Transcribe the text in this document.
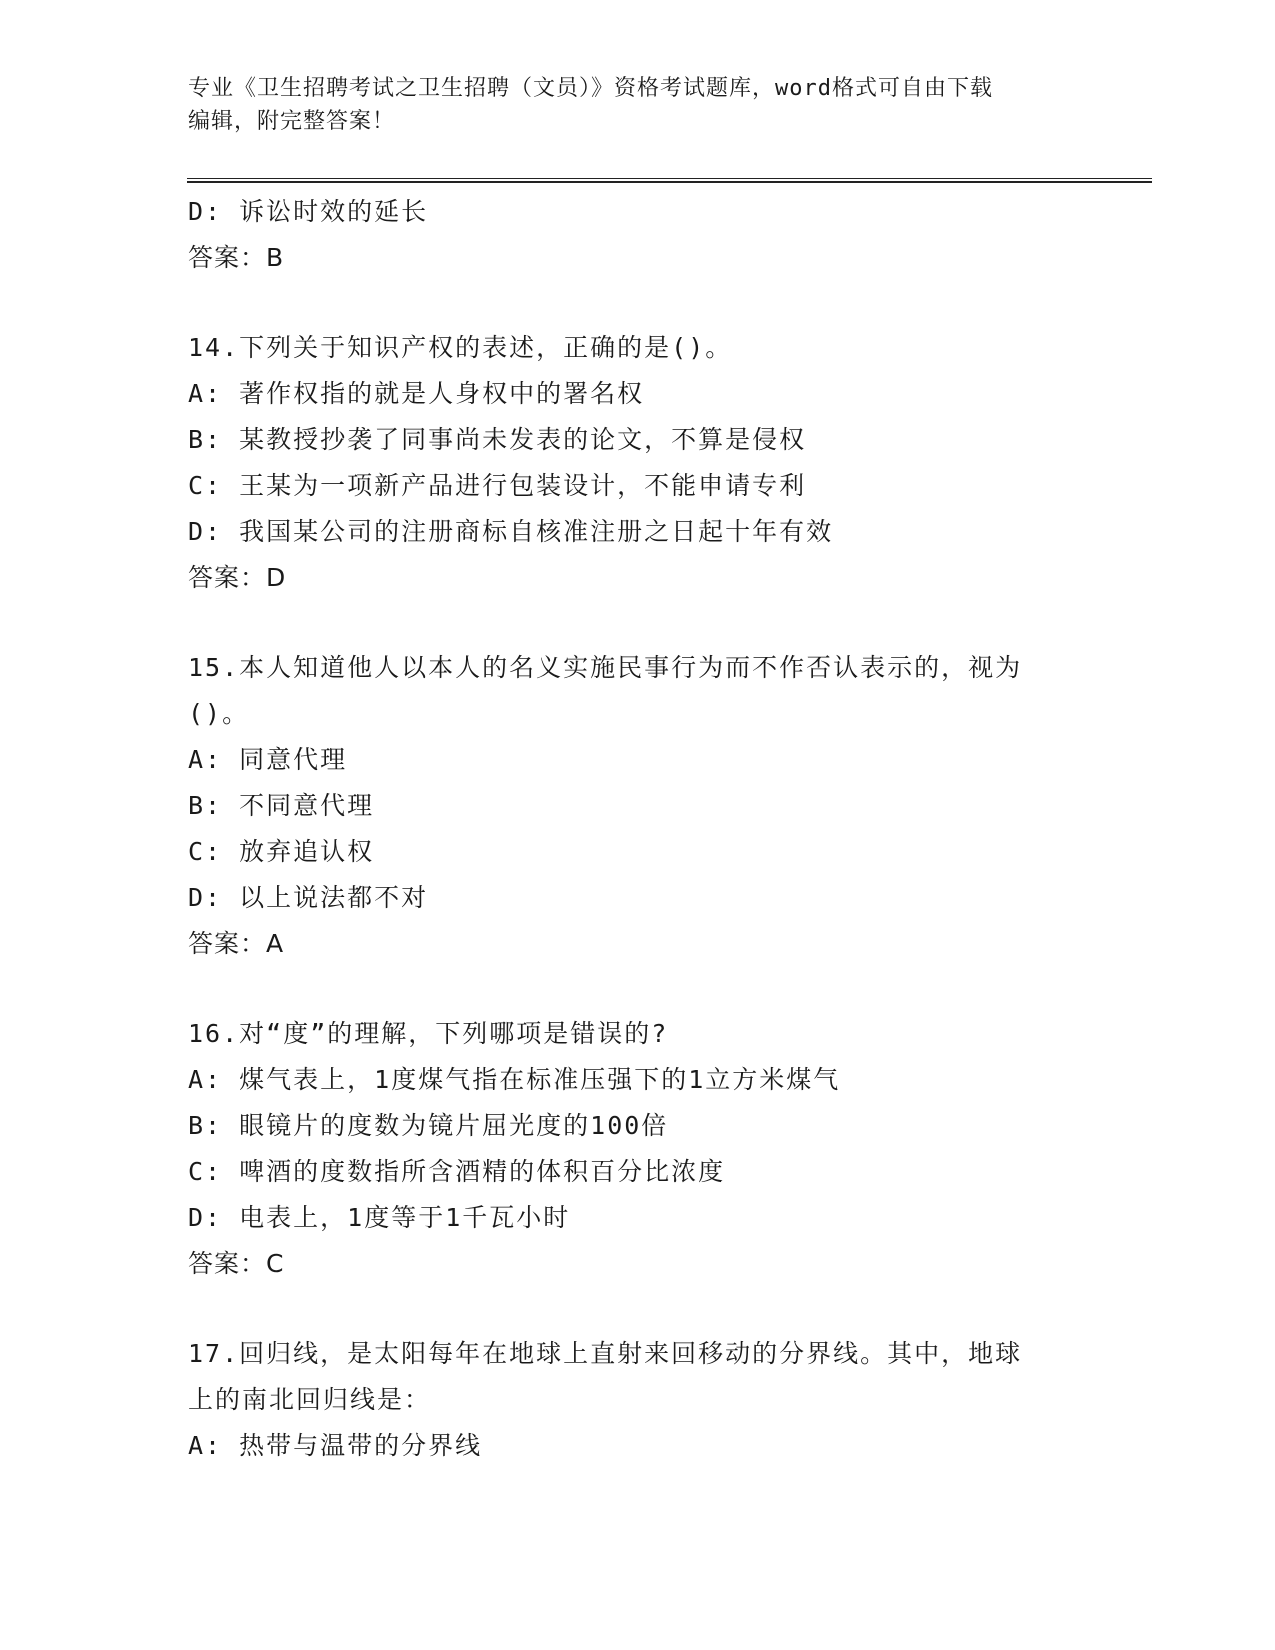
专业《卫生招聘考试之卫生招聘（文员）》资格考试题库，word格式可自由下载
编辑，附完整答案！
D: 诉讼时效的延长
答案：B
14.下列关于知识产权的表述，正确的是()。
A: 著作权指的就是人身权中的署名权
B: 某教授抄袭了同事尚未发表的论文，不算是侵权
C: 王某为一项新产品进行包装设计，不能申请专利
D: 我国某公司的注册商标自核准注册之日起十年有效
答案：D
15.本人知道他人以本人的名义实施民事行为而不作否认表示的，视为
()。
A: 同意代理
B: 不同意代理
C: 放弃追认权
D: 以上说法都不对
答案：A
16.对“度”的理解，下列哪项是错误的?
A: 煤气表上，1度煤气指在标准压强下的1立方米煤气
B: 眼镜片的度数为镜片屈光度的100倍
C: 啤酒的度数指所含酒精的体积百分比浓度
D: 电表上，1度等于1千瓦小时
答案：C
17.回归线，是太阳每年在地球上直射来回移动的分界线。其中，地球
上的南北回归线是：
A: 热带与温带的分界线
